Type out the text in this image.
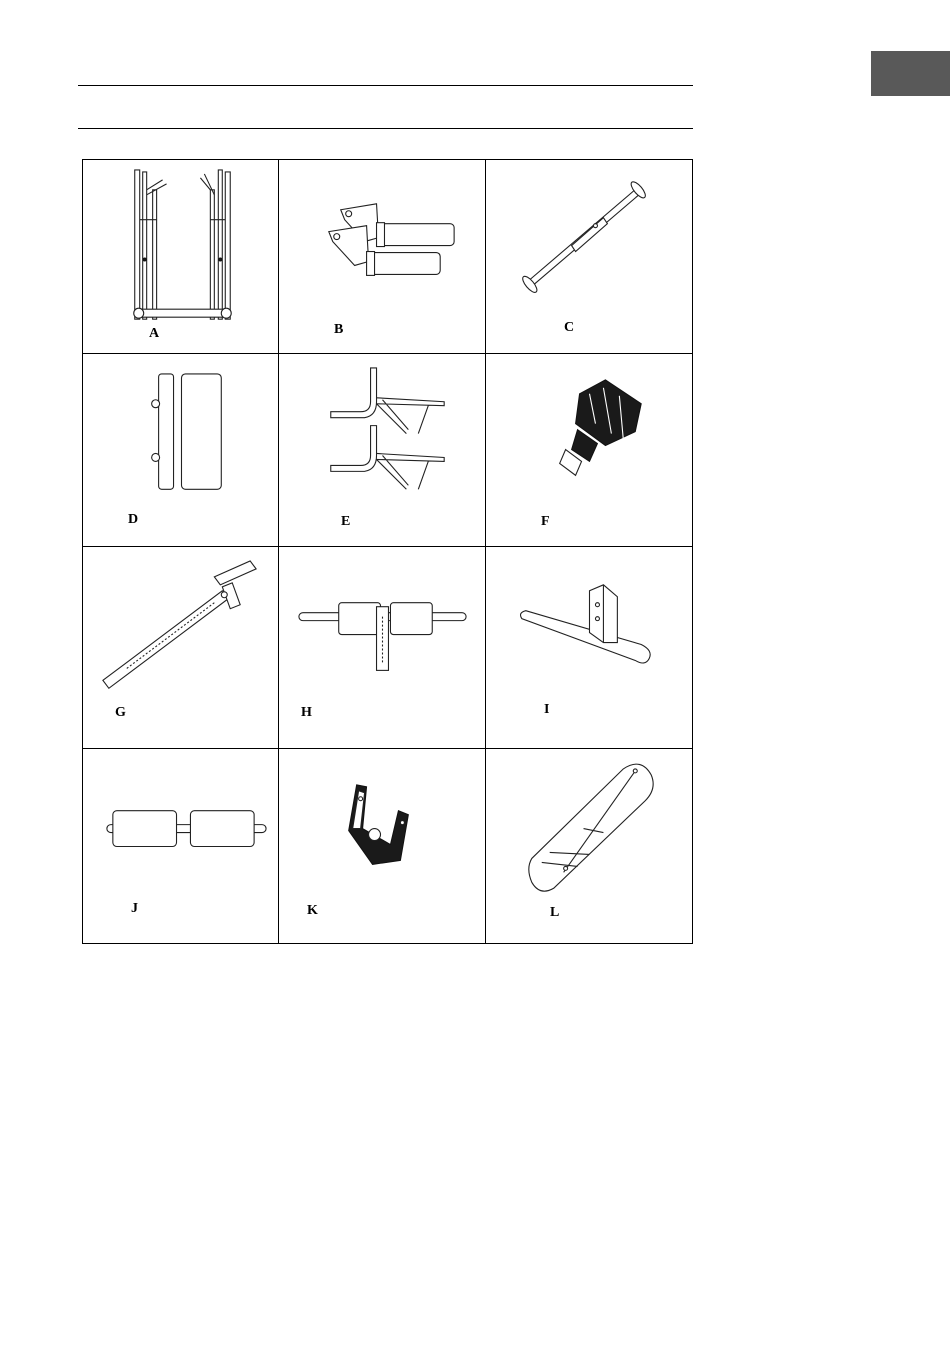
A	B	C

D	E	F

G	H	I

J	K	L
